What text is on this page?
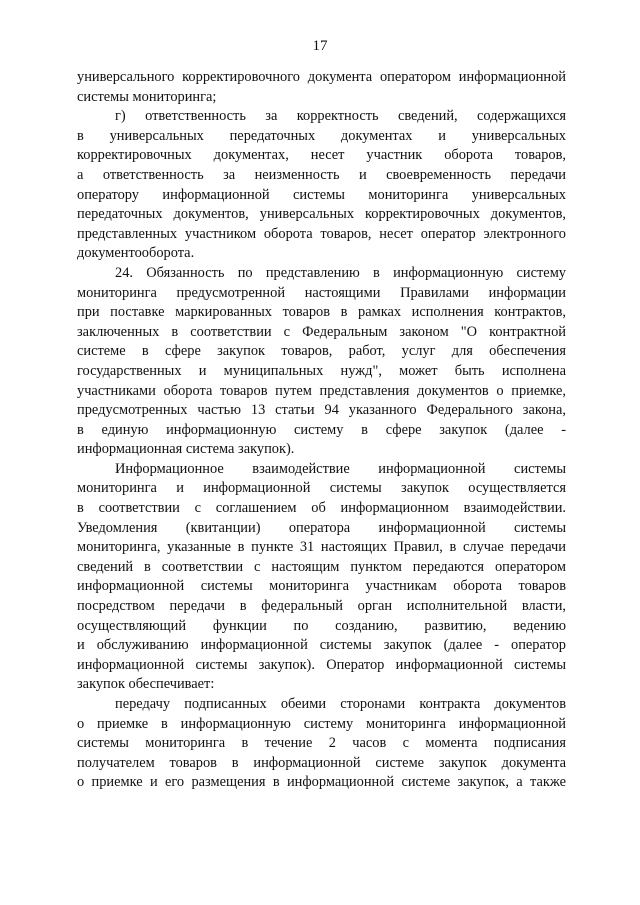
17
универсального корректировочного документа оператором информационной
системы мониторинга;
г) ответственность за корректность сведений, содержащихся
в универсальных передаточных документах и универсальных
корректировочных документах, несет участник оборота товаров,
а ответственность за неизменность и своевременность передачи
оператору информационной системы мониторинга универсальных
передаточных документов, универсальных корректировочных документов,
представленных участником оборота товаров, несет оператор электронного
документооборота.
24. Обязанность по представлению в информационную систему
мониторинга предусмотренной настоящими Правилами информации
при поставке маркированных товаров в рамках исполнения контрактов,
заключенных в соответствии с Федеральным законом "О контрактной
системе в сфере закупок товаров, работ, услуг для обеспечения
государственных и муниципальных нужд", может быть исполнена
участниками оборота товаров путем представления документов о приемке,
предусмотренных частью 13 статьи 94 указанного Федерального закона,
в единую информационную систему в сфере закупок (далее -
информационная система закупок).
Информационное взаимодействие информационной системы
мониторинга и информационной системы закупок осуществляется
в соответствии с соглашением об информационном взаимодействии.
Уведомления (квитанции) оператора информационной системы
мониторинга, указанные в пункте 31 настоящих Правил, в случае передачи
сведений в соответствии с настоящим пунктом передаются оператором
информационной системы мониторинга участникам оборота товаров
посредством передачи в федеральный орган исполнительной власти,
осуществляющий функции по созданию, развитию, ведению
и обслуживанию информационной системы закупок (далее - оператор
информационной системы закупок). Оператор информационной системы
закупок обеспечивает:
передачу подписанных обеими сторонами контракта документов
о приемке в информационную систему мониторинга информационной
системы мониторинга в течение 2 часов с момента подписания
получателем товаров в информационной системе закупок документа
о приемке и его размещения в информационной системе закупок, а также
